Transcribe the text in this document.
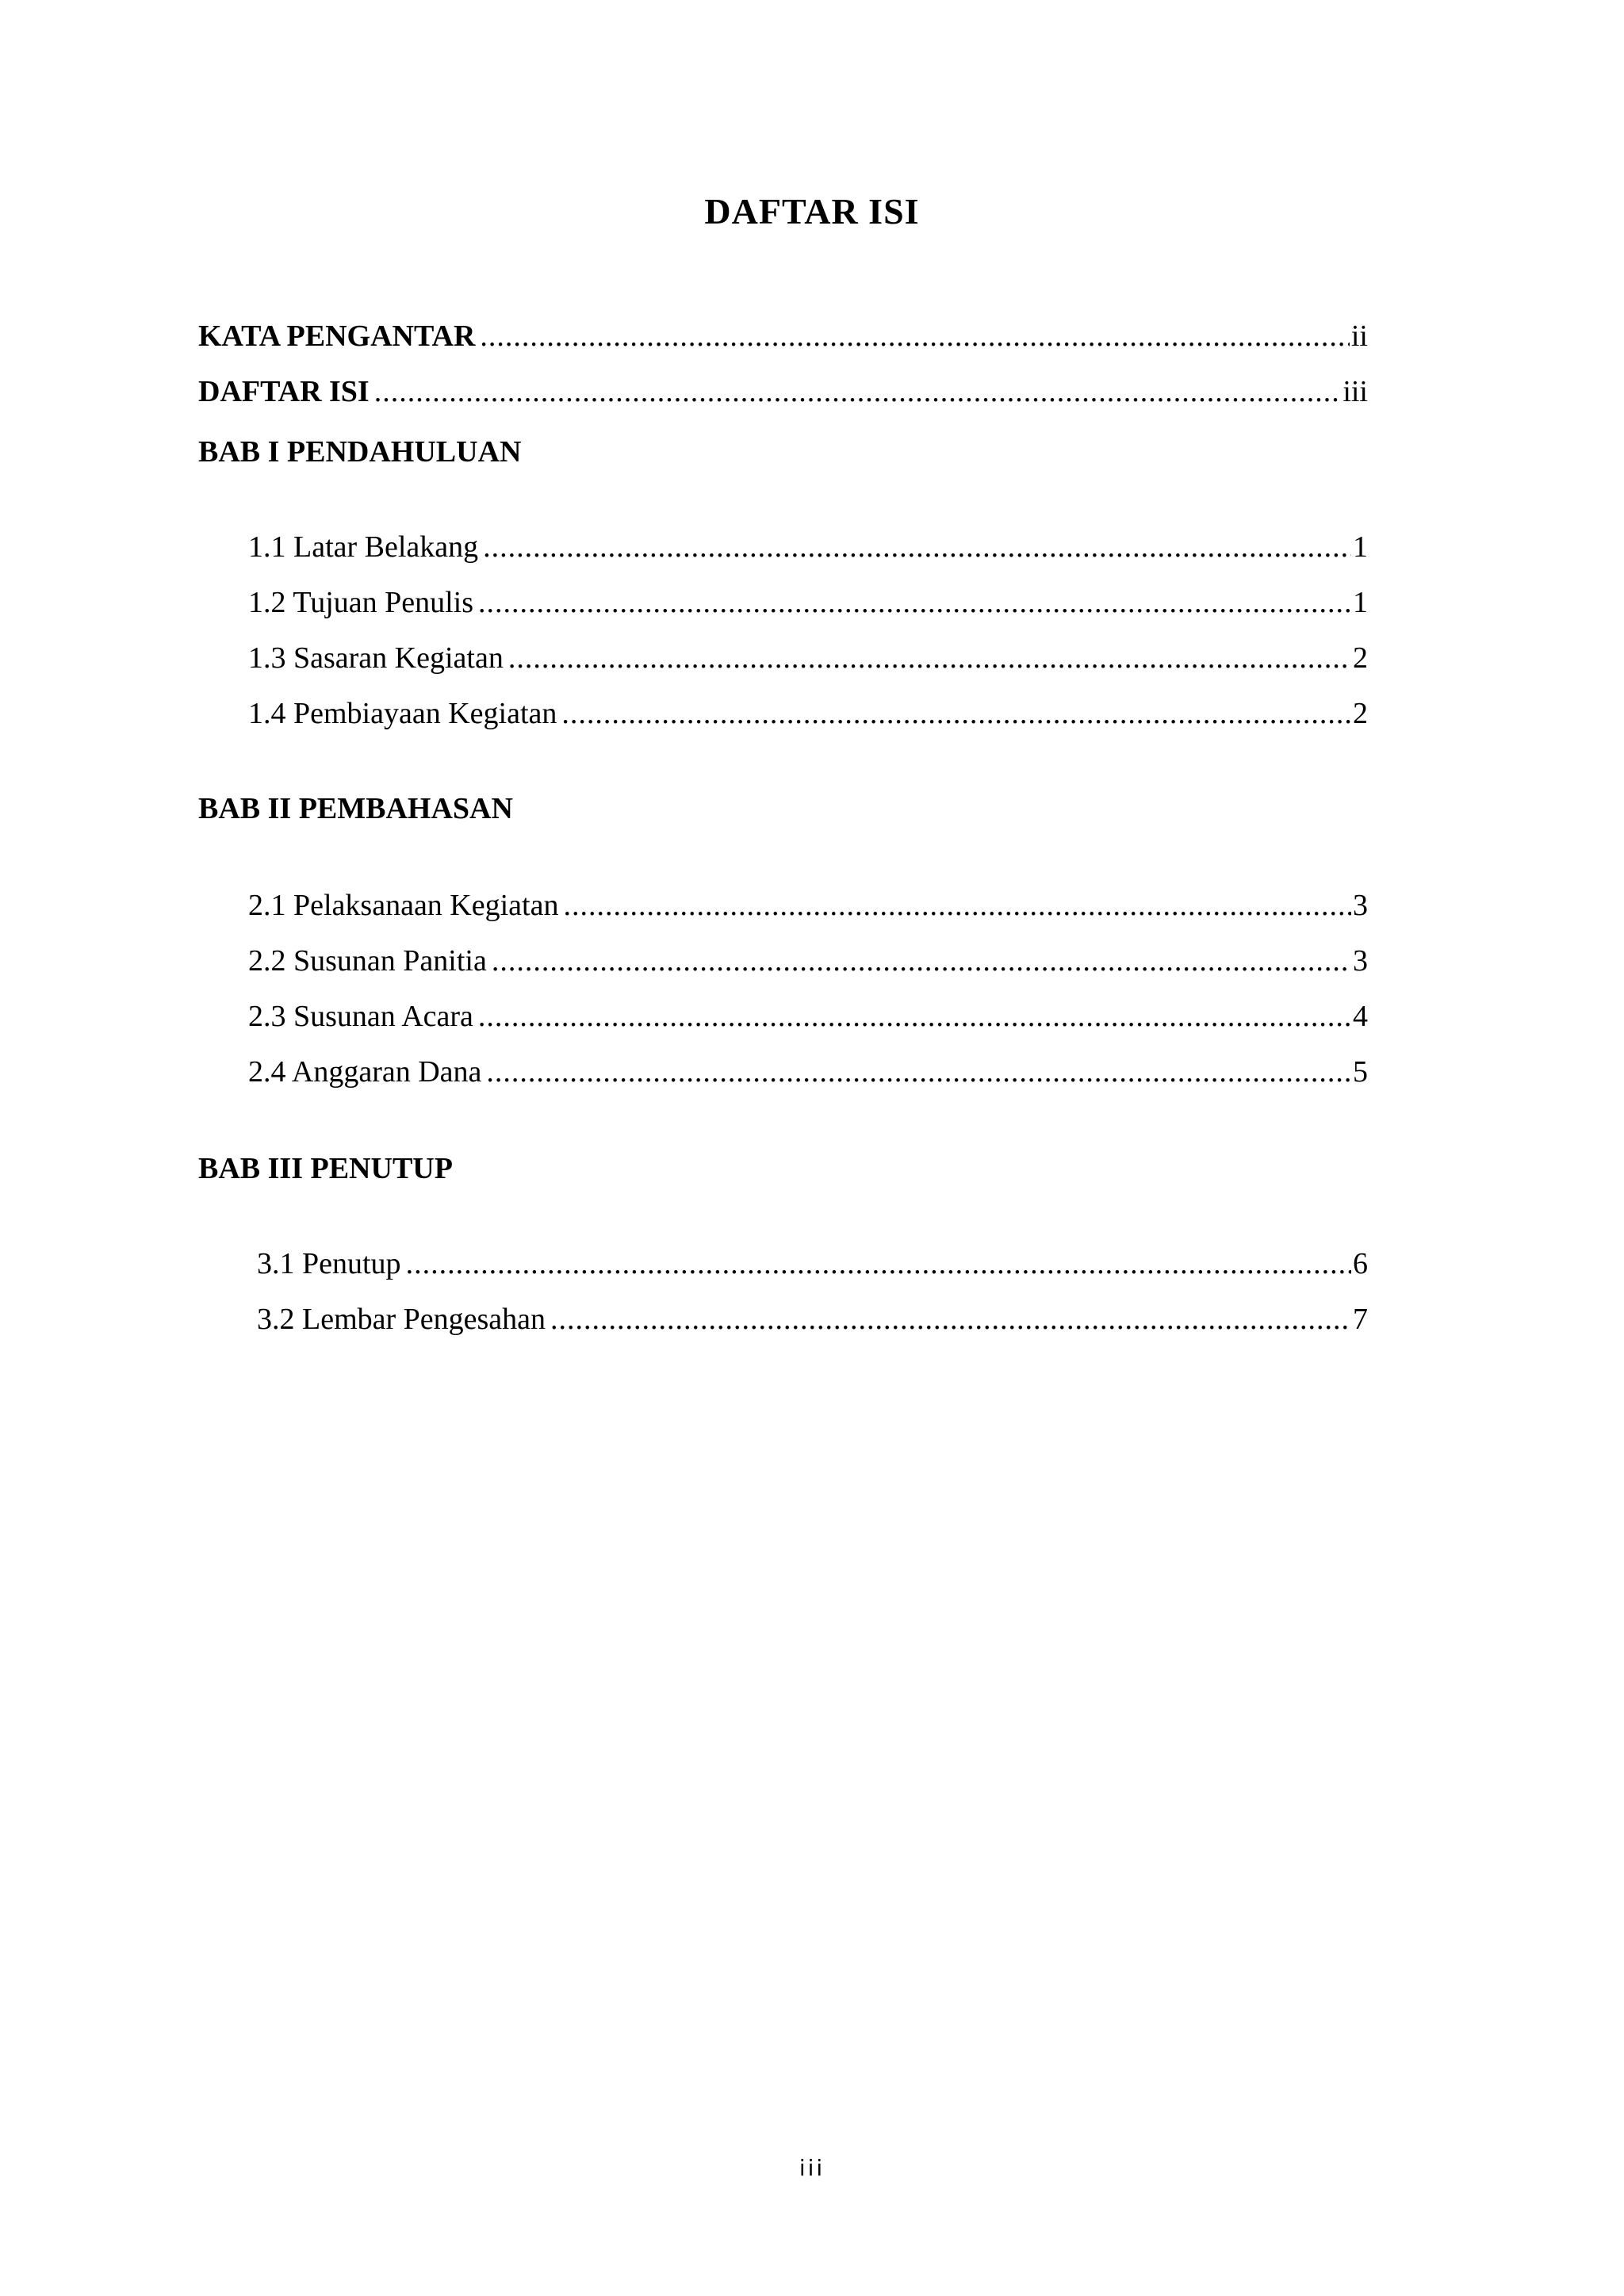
DAFTAR ISI
KATA PENGANTAR .....	ii
DAFTAR ISI .....	iii
BAB I PENDAHULUAN
1.1 Latar Belakang .....	1
1.2 Tujuan Penulis .....	1
1.3 Sasaran Kegiatan .....	2
1.4 Pembiayaan Kegiatan .....	2
BAB II PEMBAHASAN
2.1 Pelaksanaan Kegiatan .....	3
2.2 Susunan Panitia .....	3
2.3 Susunan Acara .....	4
2.4 Anggaran Dana .....	5
BAB III PENUTUP
3.1 Penutup .....	6
3.2 Lembar Pengesahan .....	7
iii
